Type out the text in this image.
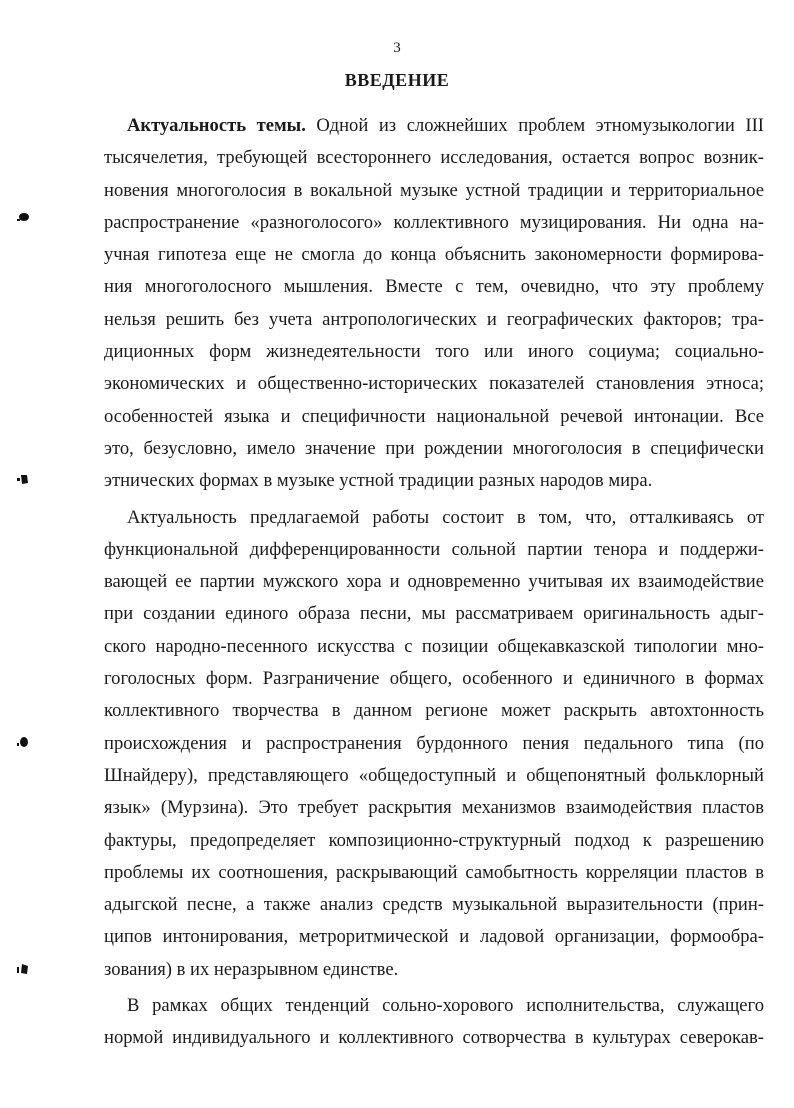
3
ВВЕДЕНИЕ
Актуальность темы. Одной из сложнейших проблем этномузыкологии III
тысячелетия, требующей всестороннего исследования, остается вопрос возник-
новения многоголосия в вокальной музыке устной традиции и территориальное
распространение «разноголосого» коллективного музицирования. Ни одна на-
учная гипотеза еще не смогла до конца объяснить закономерности формирова-
ния многоголосного мышления. Вместе с тем, очевидно, что эту проблему
нельзя решить без учета антропологических и географических факторов; тра-
диционных форм жизнедеятельности того или иного социума; социально-
экономических и общественно-исторических показателей становления этноса;
особенностей языка и специфичности национальной речевой интонации. Все
это, безусловно, имело значение при рождении многоголосия в специфически
этнических формах в музыке устной традиции разных народов мира.
Актуальность предлагаемой работы состоит в том, что, отталкиваясь от
функциональной дифференцированности сольной партии тенора и поддержи-
вающей ее партии мужского хора и одновременно учитывая их взаимодействие
при создании единого образа песни, мы рассматриваем оригинальность адыг-
ского народно-песенного искусства с позиции общекавказской типологии мно-
гоголосных форм. Разграничение общего, особенного и единичного в формах
коллективного творчества в данном регионе может раскрыть автохтонность
происхождения и распространения бурдонного пения педального типа (по
Шнайдеру), представляющего «общедоступный и общепонятный фольклорный
язык» (Мурзина). Это требует раскрытия механизмов взаимодействия пластов
фактуры, предопределяет композиционно-структурный подход к разрешению
проблемы их соотношения, раскрывающий самобытность корреляции пластов в
адыгской песне, а также анализ средств музыкальной выразительности (прин-
ципов интонирования, метроритмической и ладовой организации, формообра-
зования) в их неразрывном единстве.
В рамках общих тенденций сольно-хорового исполнительства, служащего
нормой индивидуального и коллективного сотворчества в культурах северокав-
